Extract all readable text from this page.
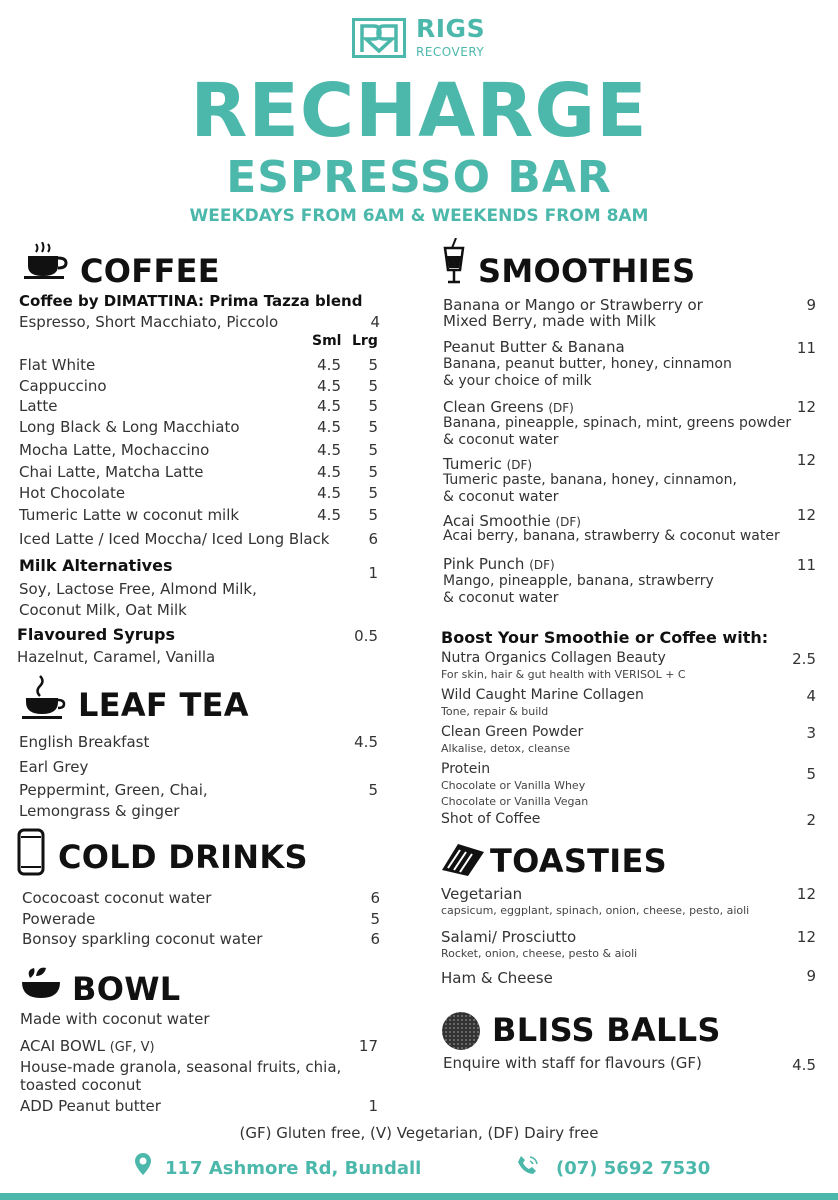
RIGS
RECOVERY
RECHARGE
ESPRESSO BAR
WEEKDAYS FROM 6AM & WEEKENDS FROM 8AM
COFFEE
Coffee by DIMATTINA: Prima Tazza blend
Espresso, Short Macchiato, Piccolo	4
Sml Lrg
Flat White	4.5	5
Cappuccino	4.5	5
Latte	4.5	5
Long Black & Long Macchiato	4.5	5
Mocha Latte, Mochaccino	4.5	5
Chai Latte, Matcha Latte	4.5	5
Hot Chocolate	4.5	5
Tumeric Latte w coconut milk	4.5	5
Iced Latte / Iced Moccha/ Iced Long Black	6
Milk Alternatives	1
Soy, Lactose Free, Almond Milk,
Coconut Milk, Oat Milk
Flavoured Syrups	0.5
Hazelnut, Caramel, Vanilla
LEAF TEA
English Breakfast	4.5
Earl Grey
Peppermint, Green, Chai,	5
Lemongrass & ginger
COLD DRINKS
Cococoast coconut water	6
Powerade	5
Bonsoy sparkling coconut water	6
BOWL
Made with coconut water
ACAI BOWL (GF, V)	17
House-made granola, seasonal fruits, chia,
toasted coconut
ADD Peanut butter	1
SMOOTHIES
Banana or Mango or Strawberry or	9
Mixed Berry, made with Milk
Peanut Butter & Banana	11
Banana, peanut butter, honey, cinnamon
& your choice of milk
Clean Greens (DF)	12
Banana, pineapple, spinach, mint, greens powder
& coconut water
Tumeric (DF)	12
Tumeric paste, banana, honey, cinnamon,
& coconut water
Acai Smoothie (DF)	12
Acai berry, banana, strawberry & coconut water
Pink Punch (DF)	11
Mango, pineapple, banana, strawberry
& coconut water
Boost Your Smoothie or Coffee with:
Nutra Organics Collagen Beauty	2.5
For skin, hair & gut health with VERISOL + C
Wild Caught Marine Collagen	4
Tone, repair & build
Clean Green Powder	3
Alkalise, detox, cleanse
Protein	5
Chocolate or Vanilla Whey
Chocolate or Vanilla Vegan
Shot of Coffee	2
TOASTIES
Vegetarian	12
capsicum, eggplant, spinach, onion, cheese, pesto, aioli
Salami/ Prosciutto	12
Rocket, onion, cheese, pesto & aioli
Ham & Cheese	9
BLISS BALLS
Enquire with staff for flavours (GF)	4.5
(GF) Gluten free, (V) Vegetarian, (DF) Dairy free
117 Ashmore Rd, Bundall	(07) 5692 7530
